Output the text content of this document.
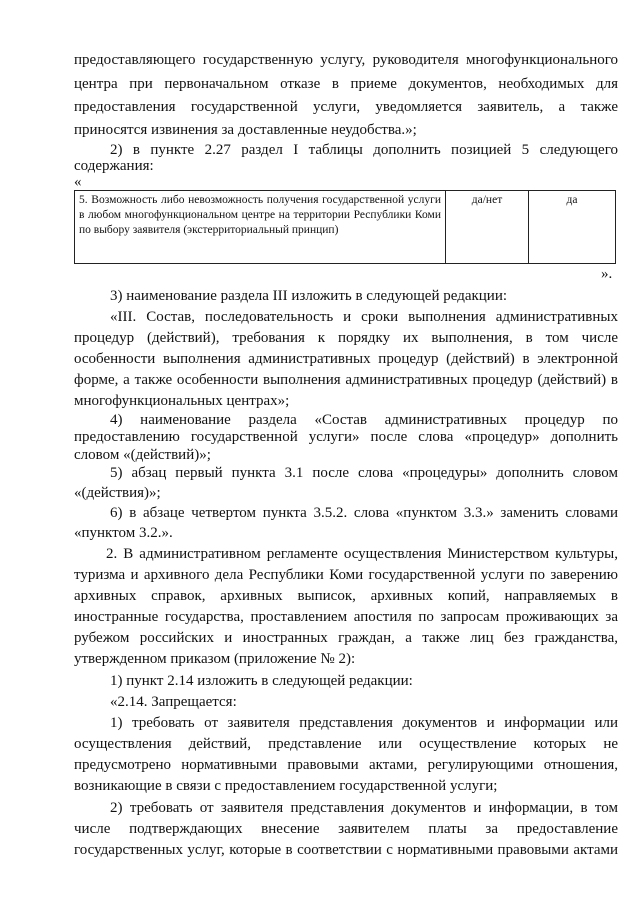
предоставляющего государственную услугу, руководителя многофункционального
центра при первоначальном отказе в приеме документов, необходимых для
предоставления государственной услуги, уведомляется заявитель, а также
приносятся извинения за доставленные неудобства.»;
2) в пункте 2.27 раздел I таблицы дополнить позицией 5 следующего
содержания:
«
5. Возможность либо невозможность получения государственной услуги в любом многофункциональном центре на территории Республики Коми по выбору заявителя (экстерриториальный принцип)	да/нет	да
».
3) наименование раздела III изложить в следующей редакции:
«III. Состав, последовательность и сроки выполнения административных
процедур (действий), требования к порядку их выполнения, в том числе
особенности выполнения административных процедур (действий) в электронной
форме, а также особенности выполнения административных процедур (действий) в
многофункциональных центрах»;
4) наименование раздела «Состав административных процедур по
предоставлению государственной услуги» после слова «процедур» дополнить
словом «(действий)»;
5) абзац первый пункта 3.1 после слова «процедуры» дополнить словом
«(действия)»;
6) в абзаце четвертом пункта 3.5.2. слова «пунктом 3.3.» заменить словами
«пунктом 3.2.».
2. В административном регламенте осуществления Министерством культуры,
туризма и архивного дела Республики Коми государственной услуги по заверению
архивных справок, архивных выписок, архивных копий, направляемых в
иностранные государства, проставлением апостиля по запросам проживающих за
рубежом российских и иностранных граждан, а также лиц без гражданства,
утвержденном приказом (приложение № 2):
1) пункт 2.14 изложить в следующей редакции:
«2.14. Запрещается:
1) требовать от заявителя представления документов и информации или
осуществления действий, представление или осуществление которых не
предусмотрено нормативными правовыми актами, регулирующими отношения,
возникающие в связи с предоставлением государственной услуги;
2) требовать от заявителя представления документов и информации, в том
числе подтверждающих внесение заявителем платы за предоставление
государственных услуг, которые в соответствии с нормативными правовыми актами
